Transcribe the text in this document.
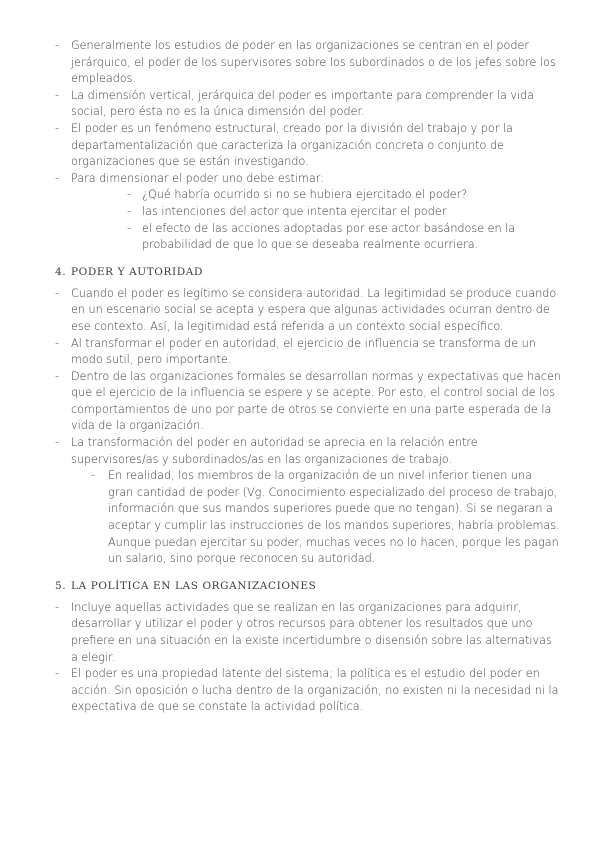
- Generalmente los estudios de poder en las organizaciones se centran en el poder jerárquico, el poder de los supervisores sobre los subordinados o de los jefes sobre los empleados.

- La dimensión vertical, jerárquica del poder es importante para comprender la vida social, pero ésta no es la única dimensión del poder.

- El poder es un fenómeno estructural, creado por la división del trabajo y por la departamentalización que caracteriza la organización concreta o conjunto de organizaciones que se están investigando.

- Para dimensionar el poder uno debe estimar:

- ¿Qué habría ocurrido si no se hubiera ejercitado el poder?

- las intenciones del actor que intenta ejercitar el poder

- el efecto de las acciones adoptadas por ese actor basándose en la probabilidad de que lo que se deseaba realmente ocurriera.

4. PODER Y AUTORIDAD

- Cuando el poder es legítimo se considera autoridad. La legitimidad se produce cuando en un escenario social se acepta y espera que algunas actividades ocurran dentro de ese contexto. Así, la legitimidad está referida a un contexto social específico.

- Al transformar el poder en autoridad, el ejercicio de influencia se transforma de un modo sutil, pero importante.

- Dentro de las organizaciones formales se desarrollan normas y expectativas que hacen que el ejercicio de la influencia se espere y se acepte. Por esto, el control social de los comportamientos de uno por parte de otros se convierte en una parte esperada de la vida de la organización.

- La transformación del poder en autoridad se aprecia en la relación entre supervisores/as y subordinados/as en las organizaciones de trabajo.

- En realidad, los miembros de la organización de un nivel inferior tienen una gran cantidad de poder (Vg. Conocimiento especializado del proceso de trabajo, información que sus mandos superiores puede que no tengan). Si se negaran a aceptar y cumplir las instrucciones de los mandos superiores, habría problemas. Aunque puedan ejercitar su poder, muchas veces no lo hacen, porque les pagan un salario, sino porque reconocen su autoridad.

5. LA POLÍTICA EN LAS ORGANIZACIONES

- Incluye aquellas actividades que se realizan en las organizaciones para adquirir, desarrollar y utilizar el poder y otros recursos para obtener los resultados que uno prefiere en una situación en la existe incertidumbre o disensión sobre las alternativas a elegir.

- El poder es una propiedad latente del sistema; la política es el estudio del poder en acción. Sin oposición o lucha dentro de la organización, no existen ni la necesidad ni la expectativa de que se constate la actividad política.
